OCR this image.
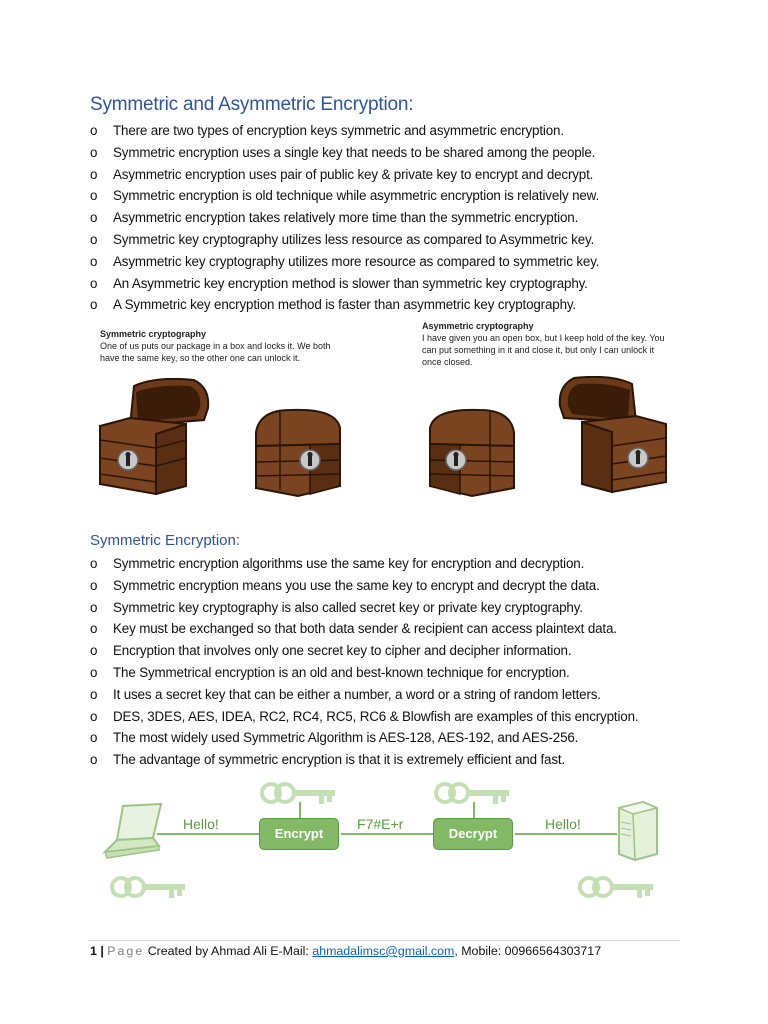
Symmetric and Asymmetric Encryption:
o There are two types of encryption keys symmetric and asymmetric encryption.
o Symmetric encryption uses a single key that needs to be shared among the people.
o Asymmetric encryption uses pair of public key & private key to encrypt and decrypt.
o Symmetric encryption is old technique while asymmetric encryption is relatively new.
o Asymmetric encryption takes relatively more time than the symmetric encryption.
o Symmetric key cryptography utilizes less resource as compared to Asymmetric key.
o Asymmetric key cryptography utilizes more resource as compared to symmetric key.
o An Asymmetric key encryption method is slower than symmetric key cryptography.
o A Symmetric key encryption method is faster than asymmetric key cryptography.
Symmetric cryptography
One of us puts our package in a box and locks it. We both have the same key, so the other one can unlock it.
Asymmetric cryptography
I have given you an open box, but I keep hold of the key. You can put something in it and close it, but only I can unlock it once closed.
Symmetric Encryption:
o Symmetric encryption algorithms use the same key for encryption and decryption.
o Symmetric encryption means you use the same key to encrypt and decrypt the data.
o Symmetric key cryptography is also called secret key or private key cryptography.
o Key must be exchanged so that both data sender & recipient can access plaintext data.
o Encryption that involves only one secret key to cipher and decipher information.
o The Symmetrical encryption is an old and best-known technique for encryption.
o It uses a secret key that can be either a number, a word or a string of random letters.
o DES, 3DES, AES, IDEA, RC2, RC4, RC5, RC6 & Blowfish are examples of this encryption.
o The most widely used Symmetric Algorithm is AES-128, AES-192, and AES-256.
o The advantage of symmetric encryption is that it is extremely efficient and fast.
Hello!
Encrypt
F7#E+r
Decrypt
Hello!
1 | Page Created by Ahmad Ali E-Mail: ahmadalimsc@gmail.com, Mobile: 00966564303717
